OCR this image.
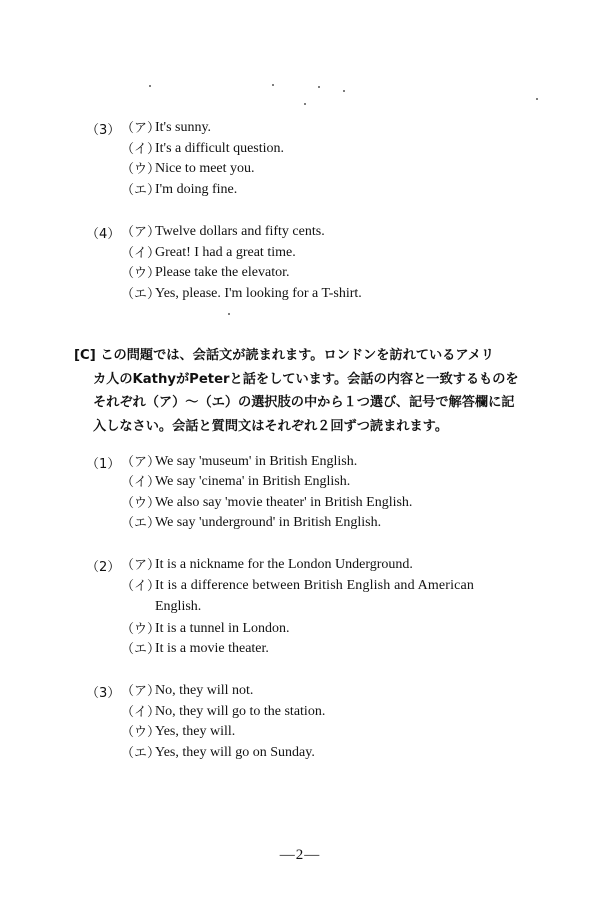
（3） （ア）
It's sunny.
（イ）
It's a difficult question.
（ウ）
Nice to meet you.
（エ）
I'm doing fine.
（4） （ア）
Twelve dollars and fifty cents.
（イ）
Great! I had a great time.
（ウ）
Please take the elevator.
（エ）
Yes, please. I'm looking for a T-shirt.
[C] この問題では、会話文が読まれます。ロンドンを訪れているアメリ
カ人のKathyがPeterと話をしています。会話の内容と一致するものを
それぞれ（ア）～（エ）の選択肢の中から１つ選び、記号で解答欄に記
入しなさい。会話と質問文はそれぞれ２回ずつ読まれます。
（1） （ア）
We say 'museum' in British English.
（イ）
We say 'cinema' in British English.
（ウ）
We also say 'movie theater' in British English.
（エ）
We say 'underground' in British English.
（2） （ア）
It is a nickname for the London Underground.
（イ）
It is a difference between British English and American
English.
（ウ）
It is a tunnel in London.
（エ）
It is a movie theater.
（3） （ア）
No, they will not.
（イ）
No, they will go to the station.
（ウ）
Yes, they will.
（エ）
Yes, they will go on Sunday.
—2—
